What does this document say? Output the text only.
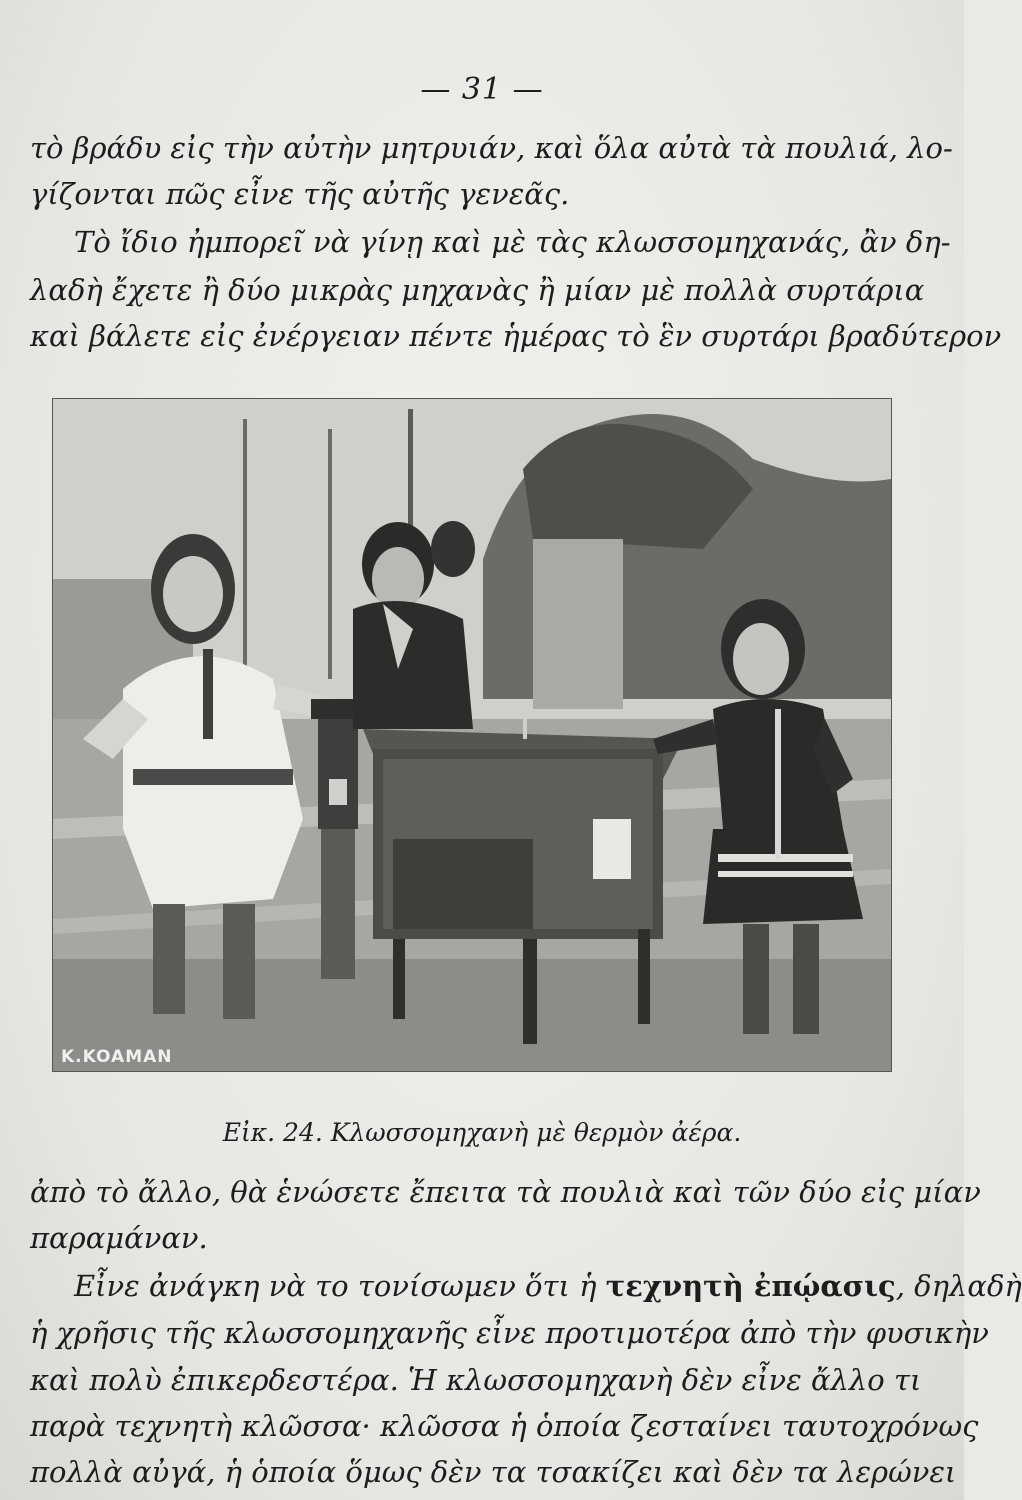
— 31 —
τὸ βράδυ εἰς τὴν αὐτὴν μητρυιάν, καὶ ὅλα αὐτὰ τὰ πουλιά, λο-
γίζονται πῶς εἶνε τῆς αὐτῆς γενεᾶς.
Τὸ ἴδιο ἠμπορεῖ νὰ γίνῃ καὶ μὲ τὰς κλωσσομηχανάς, ἂν δη-
λαδὴ ἔχετε ἢ δύο μικρὰς μηχανὰς ἢ μίαν μὲ πολλὰ συρτάρια
καὶ βάλετε εἰς ἐνέργειαν πέντε ἡμέρας τὸ ἓν συρτάρι βραδύτερον
K.KOAMAN
Εἰκ. 24. Κλωσσομηχανὴ μὲ θερμὸν ἀέρα.
ἀπὸ τὸ ἄλλο, θὰ ἑνώσετε ἔπειτα τὰ πουλιὰ καὶ τῶν δύο εἰς μίαν
παραμάναν.
Εἶνε ἀνάγκη νὰ το τονίσωμεν ὅτι ἡ τεχνητὴ ἐπῴασις, δηλαδὴ
ἡ χρῆσις τῆς κλωσσομηχανῆς εἶνε προτιμοτέρα ἀπὸ τὴν φυσικὴν
καὶ πολὺ ἐπικερδεστέρα. Ἡ κλωσσομηχανὴ δὲν εἶνε ἄλλο τι
παρὰ τεχνητὴ κλῶσσα· κλῶσσα ἡ ὁποία ζεσταίνει ταυτοχρόνως
πολλὰ αὐγά, ἡ ὁποία ὅμως δὲν τα τσακίζει καὶ δὲν τα λερώνει
